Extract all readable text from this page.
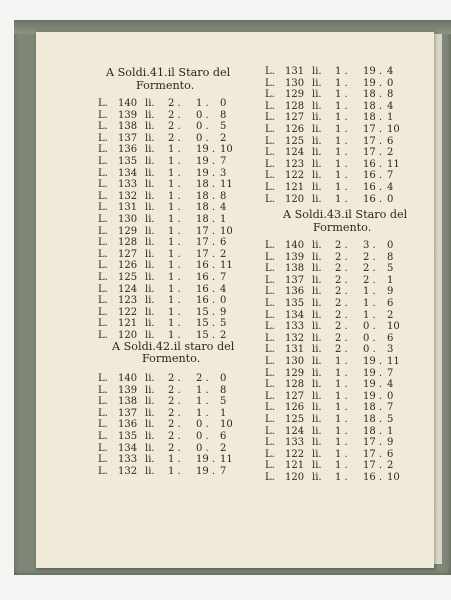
A Soldi.41.il Staro del
Formento.
L. 140 li. 2 . 1 . 0
L. 139 li. 2 . 0 . 8
L. 138 li. 2 . 0 . 5
L. 137 li. 2 . 0 . 2
L. 136 li. 1 . 19 . 10
L. 135 li. 1 . 19 . 7
L. 134 li. 1 . 19 . 3
L. 133 li. 1 . 18 . 11
L. 132 li. 1 . 18 . 8
L. 131 li. 1 . 18 . 4
L. 130 li. 1 . 18 . 1
L. 129 li. 1 . 17 . 10
L. 128 li. 1 . 17 . 6
L. 127 li. 1 . 17 . 2
L. 126 li. 1 . 16 . 11
L. 125 li. 1 . 16 . 7
L. 124 li. 1 . 16 . 4
L. 123 li. 1 . 16 . 0
L. 122 li. 1 . 15 . 9
L. 121 li. 1 . 15 . 5
L. 120 li. 1 . 15 . 2
A Soldi.42.il staro del
Formento.
L. 140 li. 2 . 2 . 0
L. 139 li. 2 . 1 . 8
L. 138 li. 2 . 1 . 5
L. 137 li. 2 . 1 . 1
L. 136 li. 2 . 0 . 10
L. 135 li. 2 . 0 . 6
L. 134 li. 2 . 0 . 2
L. 133 li. 1 . 19 . 11
L. 132 li. 1 . 19 . 7
L. 131 li. 1 . 19 . 4
L. 130 li. 1 . 19 . 0
L. 129 li. 1 . 18 . 8
L. 128 li. 1 . 18 . 4
L. 127 li. 1 . 18 . 1
L. 126 li. 1 . 17 . 10
L. 125 li. 1 . 17 . 6
L. 124 li. 1 . 17 . 2
L. 123 li. 1 . 16 . 11
L. 122 li. 1 . 16 . 7
L. 121 li. 1 . 16 . 4
L. 120 li. 1 . 16 . 0
A Soldi.43.il Staro del
Formento.
L. 140 li. 2 . 3 . 0
L. 139 li. 2 . 2 . 8
L. 138 li. 2 . 2 . 5
L. 137 li. 2 . 2 . 1
L. 136 li. 2 . 1 . 9
L. 135 li. 2 . 1 . 6
L. 134 li. 2 . 1 . 2
L. 133 li. 2 . 0 . 10
L. 132 li. 2 . 0 . 6
L. 131 li. 2 . 0 . 3
L. 130 li. 1 . 19 . 11
L. 129 li. 1 . 19 . 7
L. 128 li. 1 . 19 . 4
L. 127 li. 1 . 19 . 0
L. 126 li. 1 . 18 . 7
L. 125 li. 1 . 18 . 5
L. 124 li. 1 . 18 . 1
L. 133 li. 1 . 17 . 9
L. 122 li. 1 . 17 . 6
L. 121 li. 1 . 17 . 2
L. 120 li. 1 . 16 . 10
